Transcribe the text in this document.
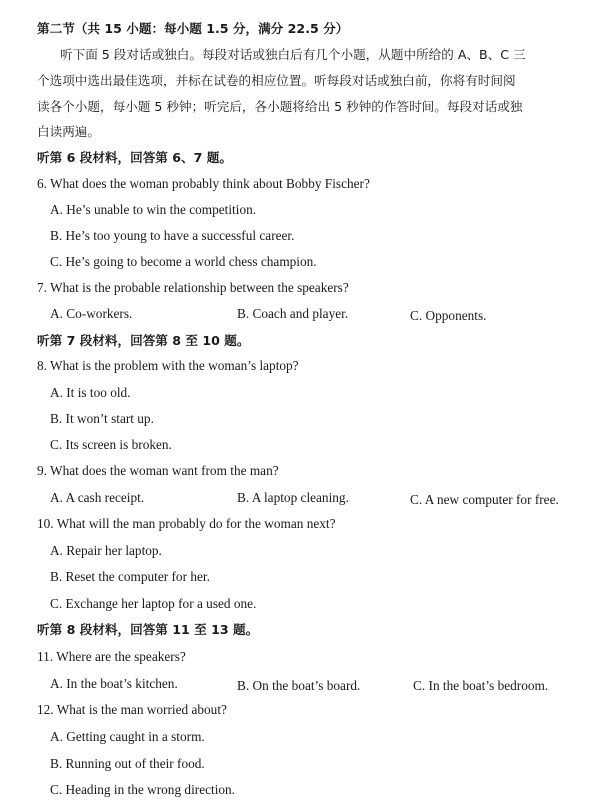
第二节（共 15 小题：每小题 1.5 分，满分 22.5 分）
听下面 5 段对话或独白。每段对话或独白后有几个小题，从题中所给的 A、B、C 三
个选项中选出最佳选项，并标在试卷的相应位置。听每段对话或独白前，你将有时间阅
读各个小题，每小题 5 秒钟；听完后，各小题将给出 5 秒钟的作答时间。每段对话或独
白读两遍。
听第 6 段材料，回答第 6、7 题。
6. What does the woman probably think about Bobby Fischer?
A. He’s unable to win the competition.
B. He’s too young to have a successful career.
C. He’s going to become a world chess champion.
7. What is the probable relationship between the speakers?
A. Co-workers.	B. Coach and player.	C. Opponents.
听第 7 段材料，回答第 8 至 10 题。
8. What is the problem with the woman’s laptop?
A. It is too old.
B. It won’t start up.
C. Its screen is broken.
9. What does the woman want from the man?
A. A cash receipt.	B. A laptop cleaning.	C. A new computer for free.
10. What will the man probably do for the woman next?
A. Repair her laptop.
B. Reset the computer for her.
C. Exchange her laptop for a used one.
听第 8 段材料，回答第 11 至 13 题。
11. Where are the speakers?
A. In the boat’s kitchen.	B. On the boat’s board.	C. In the boat’s bedroom.
12. What is the man worried about?
A. Getting caught in a storm.
B. Running out of their food.
C. Heading in the wrong direction.
